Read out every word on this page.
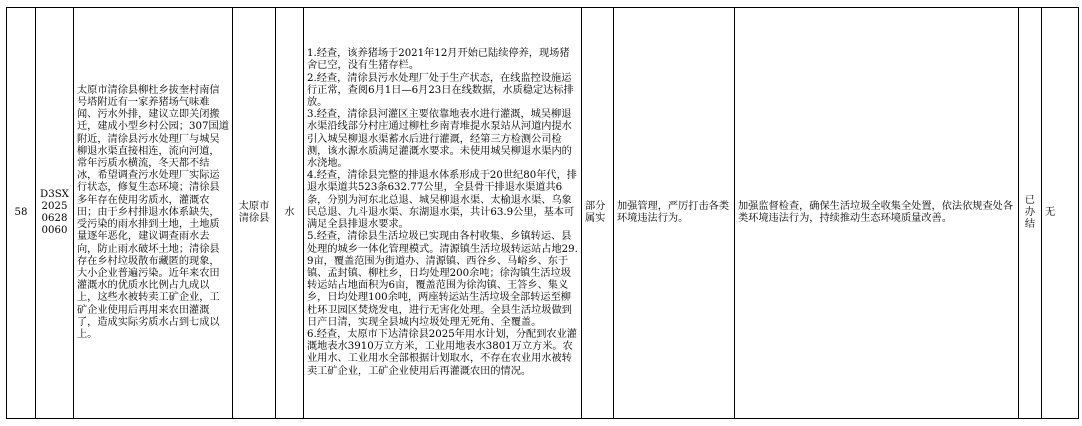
58	D3SX202506280060	太原市清徐县柳杜乡拔奎村南信号塔附近有一家养猪场气味难闻、污水外排，建议立即关闭搬迁，建成小型乡村公园；307国道附近，清徐县污水处理厂与城吴柳退水渠直接相连，流向河道，常年污质水横流，冬天都不结冰，希望调查污水处理厂实际运行状态，修复生态环境；清徐县多年存在使用劣质水，灌溉农田；由于乡村排退水体系缺失，受污染的雨水排到土地，土地质量逐年恶化，建议调查雨水去向，防止雨水破坏土地；清徐县存在乡村垃圾散布藏匿的现象，大小企业普遍污染。近年来农田灌溉水的优质水比例占九成以上，这些水被转卖工矿企业，工矿企业使用后再用来农田灌溉了，造成实际劣质水占到七成以上。	太原市清徐县	水	1.经查，该养猪场于2021年12月开始已陆续停养，现场猪舍已空，没有生猪存栏。
2.经查，清徐县污水处理厂处于生产状态，在线监控设施运行正常，查阅6月1日—6月23日在线数据，水质稳定达标排放。
3.经查，清徐县河灌区主要依靠地表水进行灌溉，城吴柳退水渠沿线部分村庄通过柳杜乡南青堆提水泵站从河道内提水引入城吴柳退水渠蓄水后进行灌溉，经第三方检测公司检测，该水源水质满足灌溉水要求。未使用城吴柳退水渠内的水浇地。
4.经查，清徐县完整的排退水体系形成于20世纪80年代，排退水渠道共523条632.77公里，全县骨干排退水渠道共6条，分别为河东北总退、城吴柳退水渠、太榆退水渠、乌象民总退、九斗退水渠、东湖退水渠，共计63.9公里，基本可满足全县排退水要求。
5.经查，清徐县生活垃圾已实现由各村收集、乡镇转运、县处理的城乡一体化管理模式。清源镇生活垃圾转运站占地29.9亩，覆盖范围为街道办、清源镇、西谷乡、马峪乡、东于镇、孟封镇、柳杜乡，日均处理200余吨；徐沟镇生活垃圾转运站占地面积为6亩，覆盖范围为徐沟镇、王答乡、集义乡，日均处理100余吨，两座转运站生活垃圾全部转运至柳杜环卫园区焚烧发电，进行无害化处理。全县生活垃圾做到日产日清，实现全县城内垃圾处理无死角、全覆盖。
6.经查，太原市下达清徐县2025年用水计划，分配到农业灌溉地表水3910万立方米，工业用地表水3801万立方米。农业用水、工业用水全部根据计划取水，不存在农业用水被转卖工矿企业，工矿企业使用后再灌溉农田的情况。	部分属实	加强管理，严厉打击各类环境违法行为。	加强监督检查，确保生活垃圾全收集全处置，依法依规查处各类环境违法行为，持续推动生态环境质量改善。	已办结	无
